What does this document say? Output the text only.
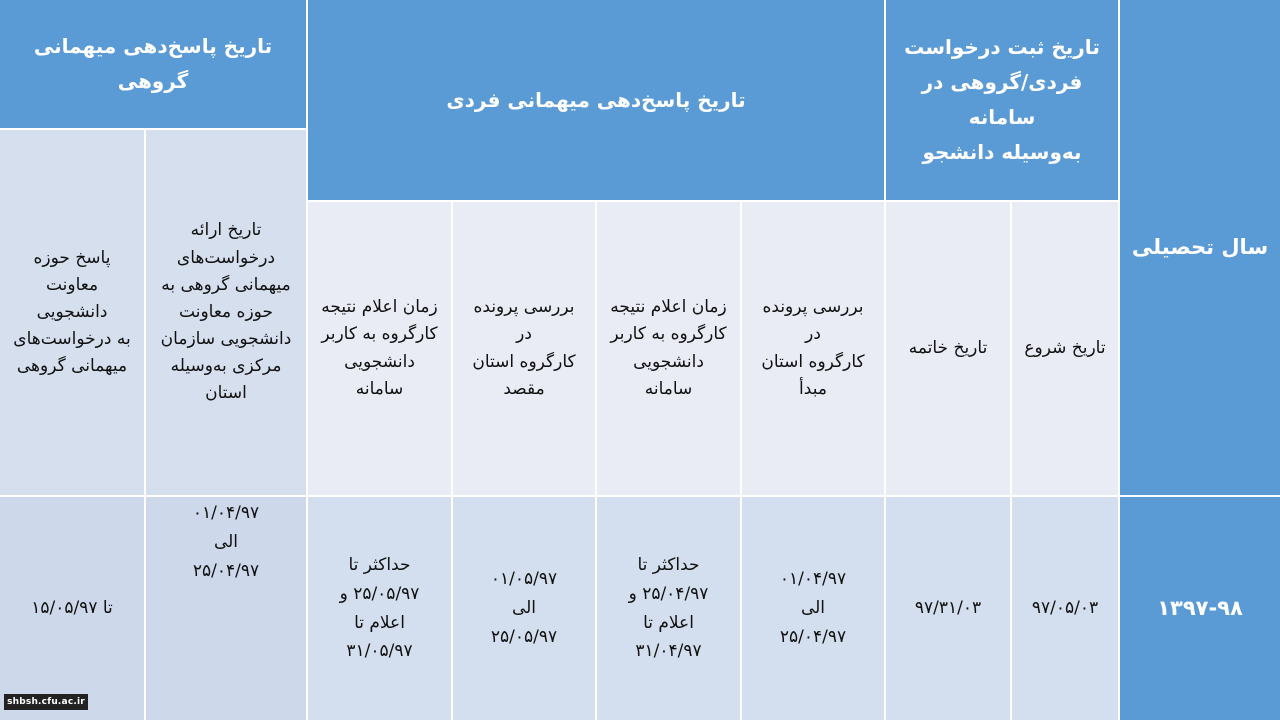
سال تحصیلی
تاریخ ثبت درخواست
فردی/گروهی در سامانه
به‌وسیله دانشجو
تاریخ پاسخ‌دهی میهمانی فردی
تاریخ پاسخ‌دهی میهمانی
گروهی
تاریخ شروع
تاریخ خاتمه
بررسی پرونده در
کارگروه استان
مبدأ
زمان اعلام نتیجه
کارگروه به کاربر
دانشجویی سامانه
بررسی پرونده در
کارگروه استان
مقصد
زمان اعلام نتیجه
کارگروه به کاربر
دانشجویی سامانه
تاریخ ارائه
درخواست‌های
میهمانی گروهی به
حوزه معاونت
دانشجویی سازمان
مرکزی به‌وسیله
استان
پاسخ حوزه
معاونت دانشجویی
به درخواست‌های
میهمانی گروهی
۱۳۹۷-۹۸
۹۷/۰۵/۰۳
۹۷/۳۱/۰۳
۰۱/۰۴/۹۷
الی
۲۵/۰۴/۹۷
حداکثر تا
۲۵/۰۴/۹۷ و
اعلام تا
۳۱/۰۴/۹۷
۰۱/۰۵/۹۷
الی
۲۵/۰۵/۹۷
حداکثر تا
۲۵/۰۵/۹۷ و
اعلام تا
۳۱/۰۵/۹۷
۰۱/۰۴/۹۷
الی
۲۵/۰۴/۹۷
تا ۱۵/۰۵/۹۷
shbsh.cfu.ac.ir
